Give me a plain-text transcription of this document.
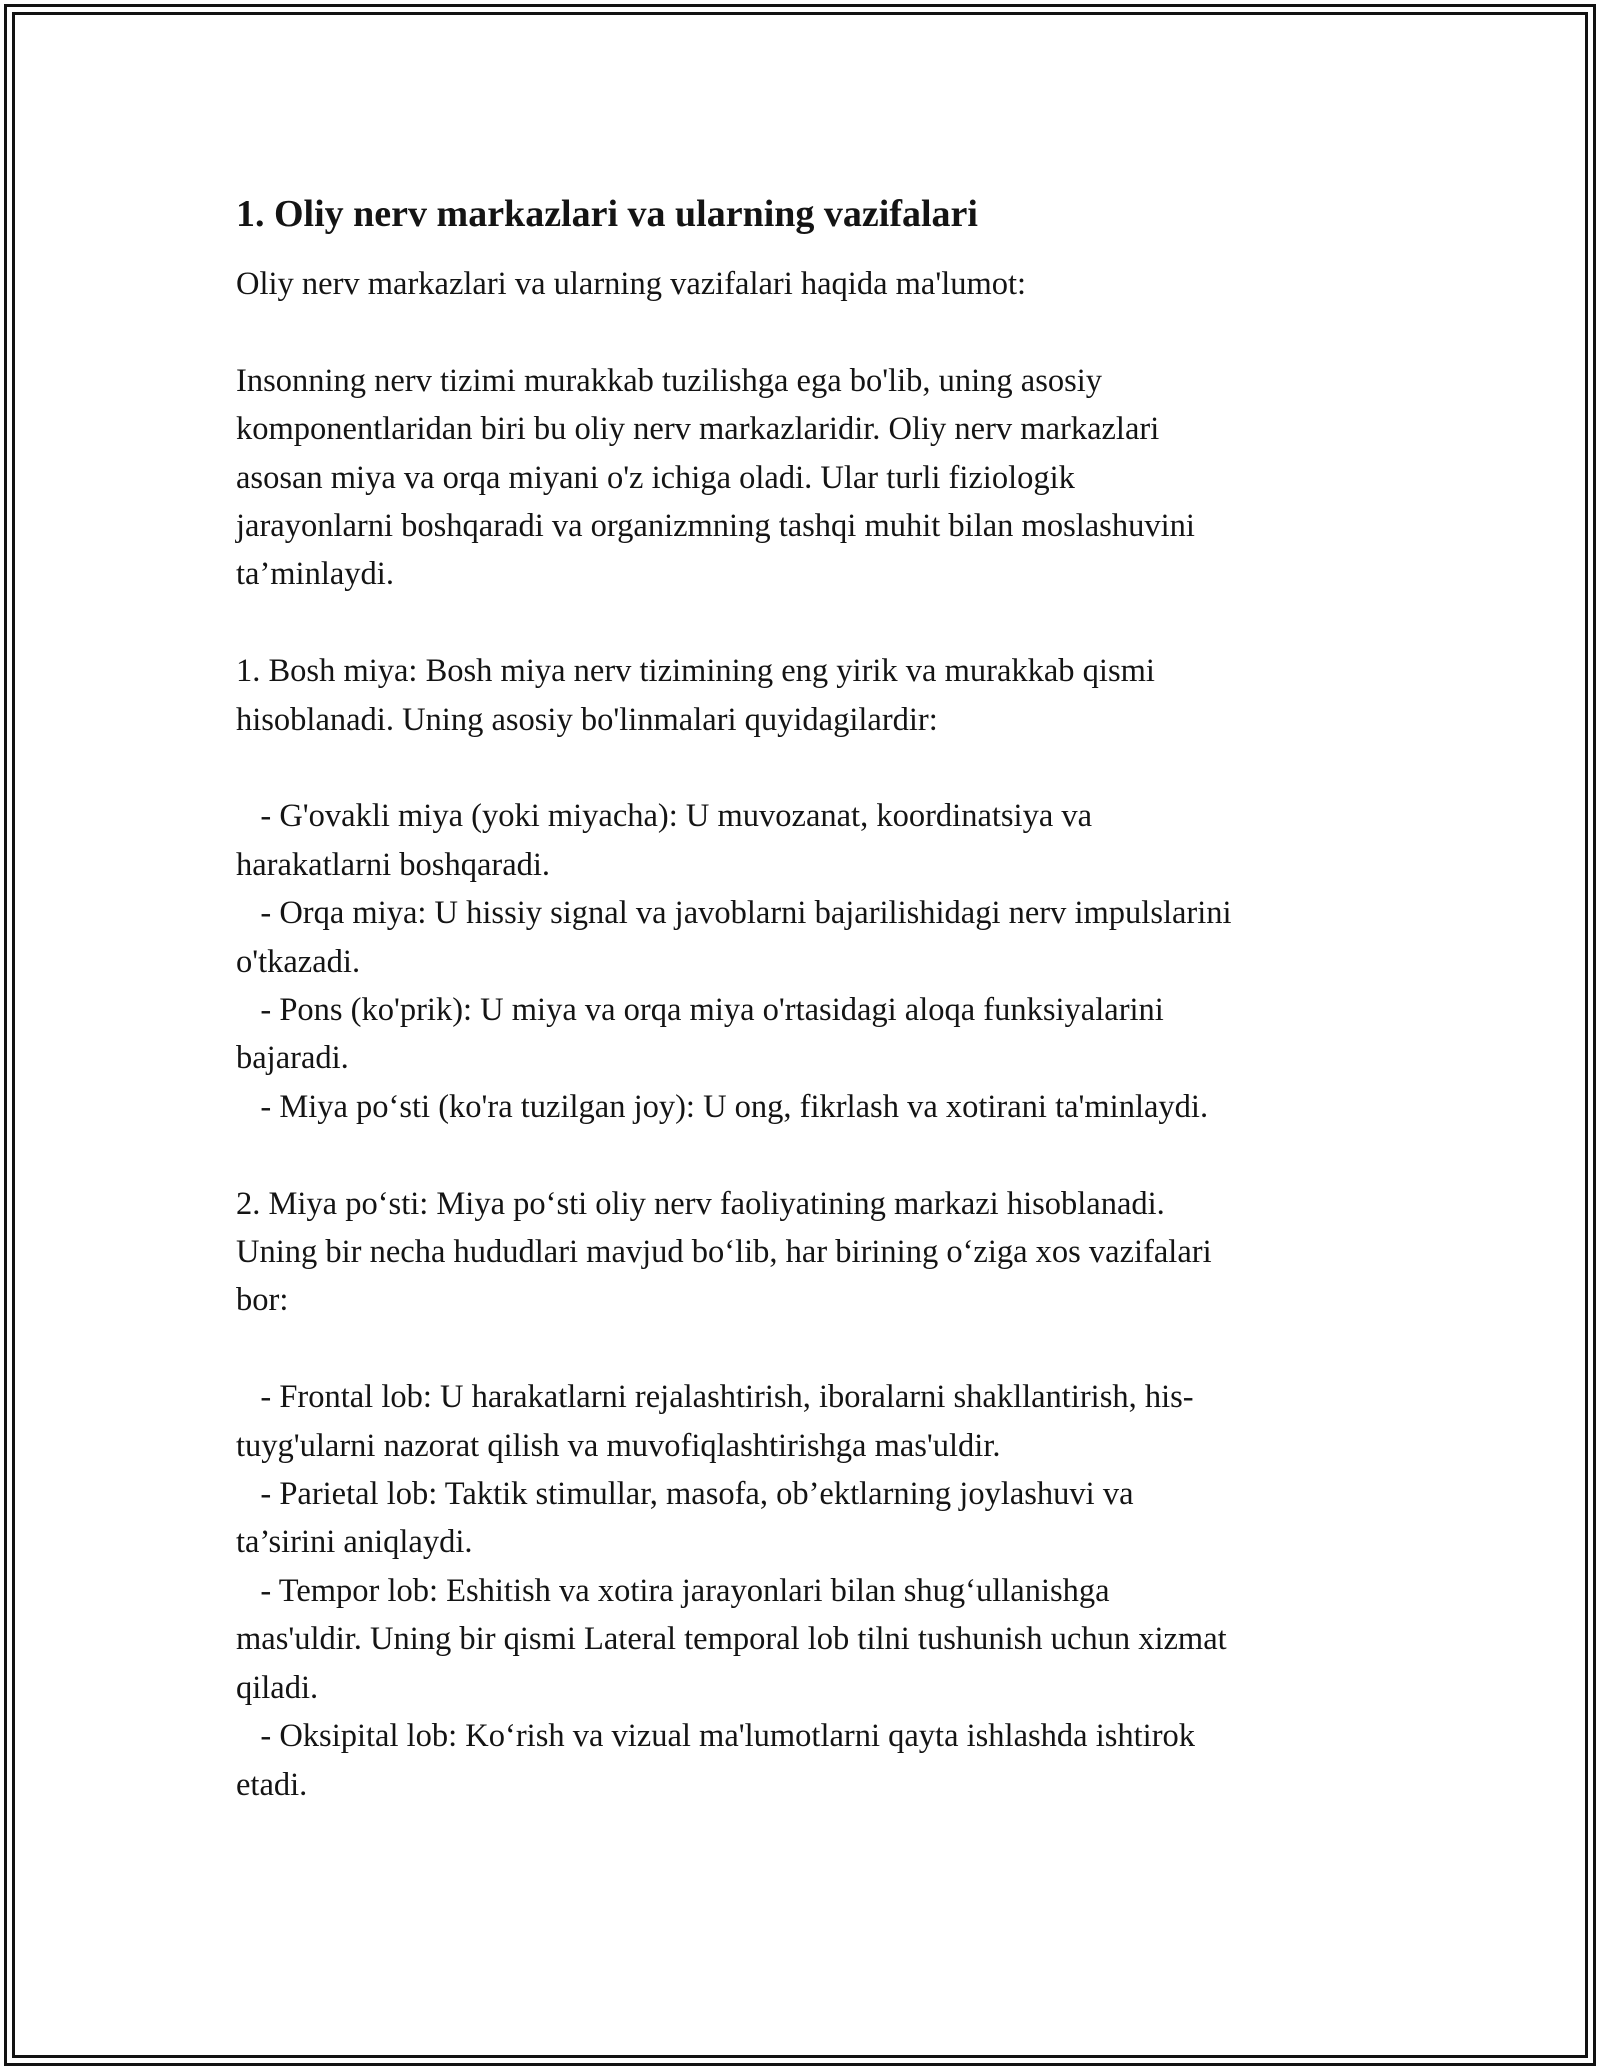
1. Oliy nerv markazlari va ularning vazifalari

Oliy nerv markazlari va ularning vazifalari haqida ma'lumot:

Insonning nerv tizimi murakkab tuzilishga ega bo'lib, uning asosiy
komponentlaridan biri bu oliy nerv markazlaridir. Oliy nerv markazlari
asosan miya va orqa miyani o'z ichiga oladi. Ular turli fiziologik
jarayonlarni boshqaradi va organizmning tashqi muhit bilan moslashuvini
ta’minlaydi.

1. Bosh miya: Bosh miya nerv tizimining eng yirik va murakkab qismi
hisoblanadi. Uning asosiy bo'linmalari quyidagilardir:

- G'ovakli miya (yoki miyacha): U muvozanat, koordinatsiya va
harakatlarni boshqaradi.
- Orqa miya: U hissiy signal va javoblarni bajarilishidagi nerv impulslarini
o'tkazadi.
- Pons (ko'prik): U miya va orqa miya o'rtasidagi aloqa funksiyalarini
bajaradi.
- Miya po‘sti (ko'ra tuzilgan joy): U ong, fikrlash va xotirani ta'minlaydi.

2. Miya po‘sti: Miya po‘sti oliy nerv faoliyatining markazi hisoblanadi.
Uning bir necha hududlari mavjud bo‘lib, har birining o‘ziga xos vazifalari
bor:

- Frontal lob: U harakatlarni rejalashtirish, iboralarni shakllantirish, his-
tuyg'ularni nazorat qilish va muvofiqlashtirishga mas'uldir.
- Parietal lob: Taktik stimullar, masofa, ob’ektlarning joylashuvi va
ta’sirini aniqlaydi.
- Tempor lob: Eshitish va xotira jarayonlari bilan shug‘ullanishga
mas'uldir. Uning bir qismi Lateral temporal lob tilni tushunish uchun xizmat
qiladi.
- Oksipital lob: Ko‘rish va vizual ma'lumotlarni qayta ishlashda ishtirok
etadi.
